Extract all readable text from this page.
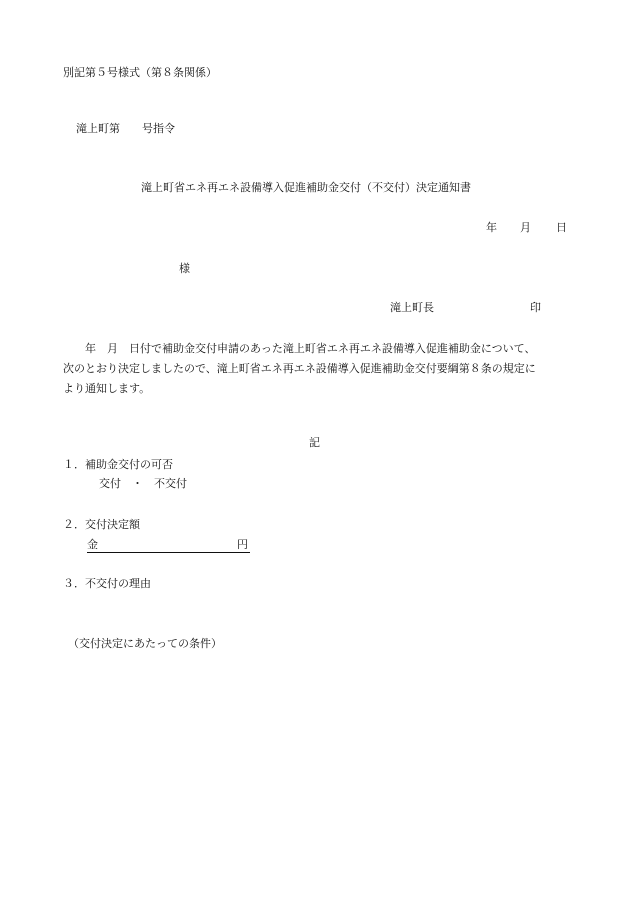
別記第５号様式（第８条関係）
滝上町第　　号指令
滝上町省エネ再エネ設備導入促進補助金交付（不交付）決定通知書
年 月 日
様
滝上町長	印
　　年　月　日付で補助金交付申請のあった滝上町省エネ再エネ設備導入促進補助金について、
次のとおり決定しましたので、滝上町省エネ再エネ設備導入促進補助金交付要綱第８条の規定に
より通知します。
記
１．補助金交付の可否
交付　・　不交付
２．交付決定額
金	円
３．不交付の理由
（交付決定にあたっての条件）
